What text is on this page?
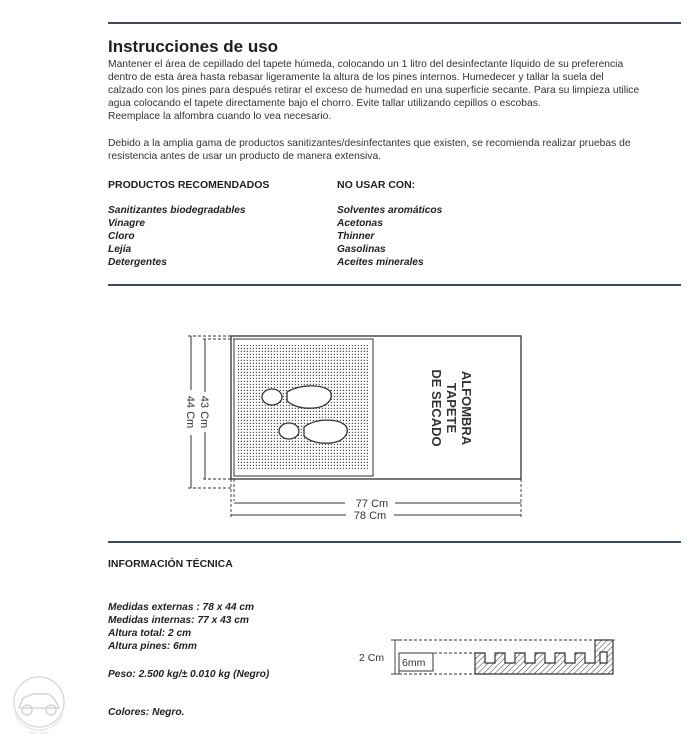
Instrucciones de uso
Mantener el área de cepillado del tapete húmeda, colocando un 1 litro del desinfectante líquido de su preferencia
dentro de esta área hasta rebasar ligeramente la altura de los pines internos. Humedecer y tallar la suela del
calzado con los pines para después retirar el exceso de humedad en una superficie secante. Para su limpieza utilice
agua colocando el tapete directamente bajo el chorro. Evite tallar utilizando cepillos o escobas.
Reemplace la alfombra cuando lo vea necesario.
Debido a la amplia gama de productos sanitizantes/desinfectantes que existen, se recomienda realizar pruebas de
resistencia antes de usar un producto de manera extensiva.
PRODUCTOS RECOMENDADOS
Sanitizantes biodegradables
Vinagre
Cloro
Lejía
Detergentes
NO USAR CON:
Solventes aromáticos
Acetonas
Thinner
Gasolinas
Aceites minerales
ALFOMBRA
TAPETE
DE SECADO
44 Cm 43 Cm
77 Cm
78 Cm
INFORMACIÓN TÉCNICA
Medidas externas : 78 x 44 cm
Medidas internas: 77 x 43 cm
Altura total: 2 cm
Altura pines: 6mm
Peso: 2.500 kg/± 0.010 kg (Negro)
Colores: Negro.
2 Cm 6mm
EST. 1902
